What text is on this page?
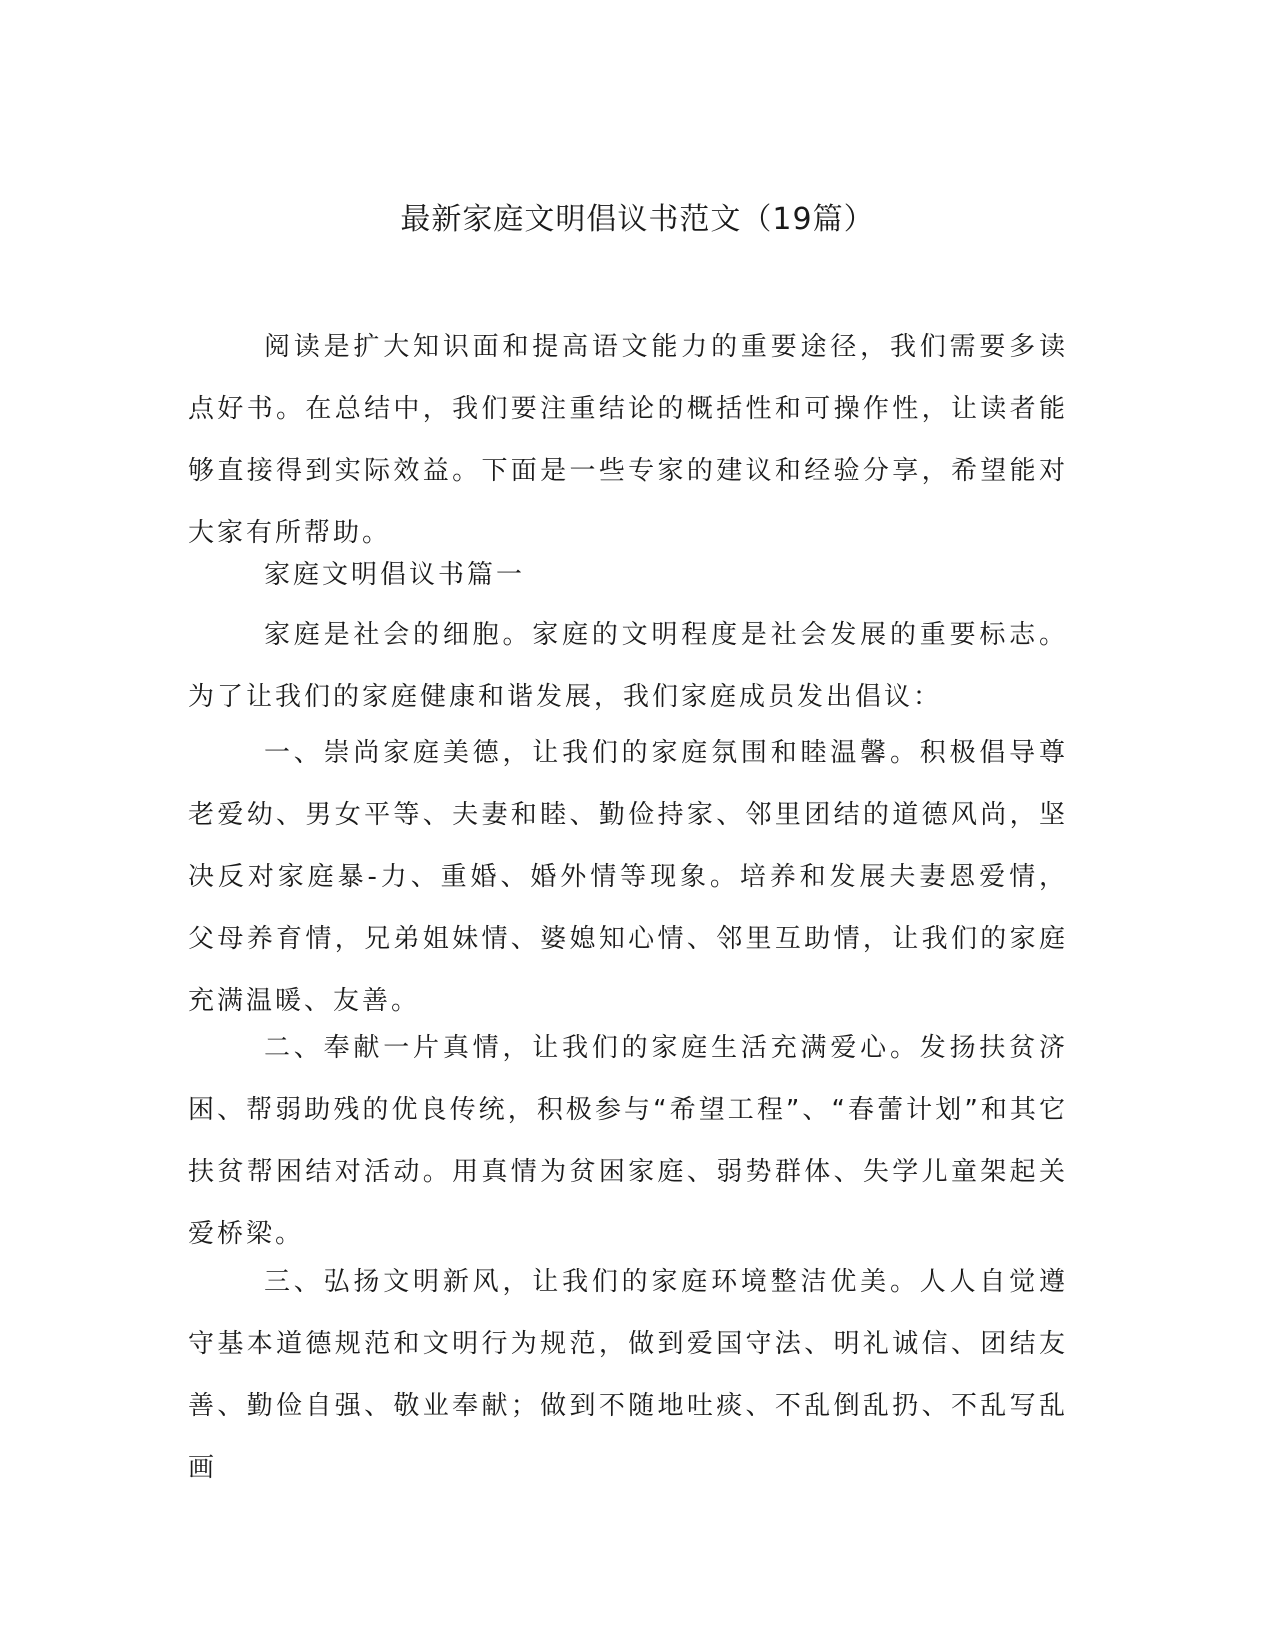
最新家庭文明倡议书范文（19篇）

阅读是扩大知识面和提高语文能力的重要途径，我们需要多读点好书。在总结中，我们要注重结论的概括性和可操作性，让读者能够直接得到实际效益。下面是一些专家的建议和经验分享，希望能对大家有所帮助。

家庭文明倡议书篇一

家庭是社会的细胞。家庭的文明程度是社会发展的重要标志。为了让我们的家庭健康和谐发展，我们家庭成员发出倡议：

一、崇尚家庭美德，让我们的家庭氛围和睦温馨。积极倡导尊老爱幼、男女平等、夫妻和睦、勤俭持家、邻里团结的道德风尚，坚决反对家庭暴-力、重婚、婚外情等现象。培养和发展夫妻恩爱情，父母养育情，兄弟姐妹情、婆媳知心情、邻里互助情，让我们的家庭充满温暖、友善。

二、奉献一片真情，让我们的家庭生活充满爱心。发扬扶贫济困、帮弱助残的优良传统，积极参与“希望工程”、“春蕾计划”和其它扶贫帮困结对活动。用真情为贫困家庭、弱势群体、失学儿童架起关爱桥梁。

三、弘扬文明新风，让我们的家庭环境整洁优美。人人自觉遵守基本道德规范和文明行为规范，做到爱国守法、明礼诚信、团结友善、勤俭自强、敬业奉献；做到不随地吐痰、不乱倒乱扔、不乱写乱画
